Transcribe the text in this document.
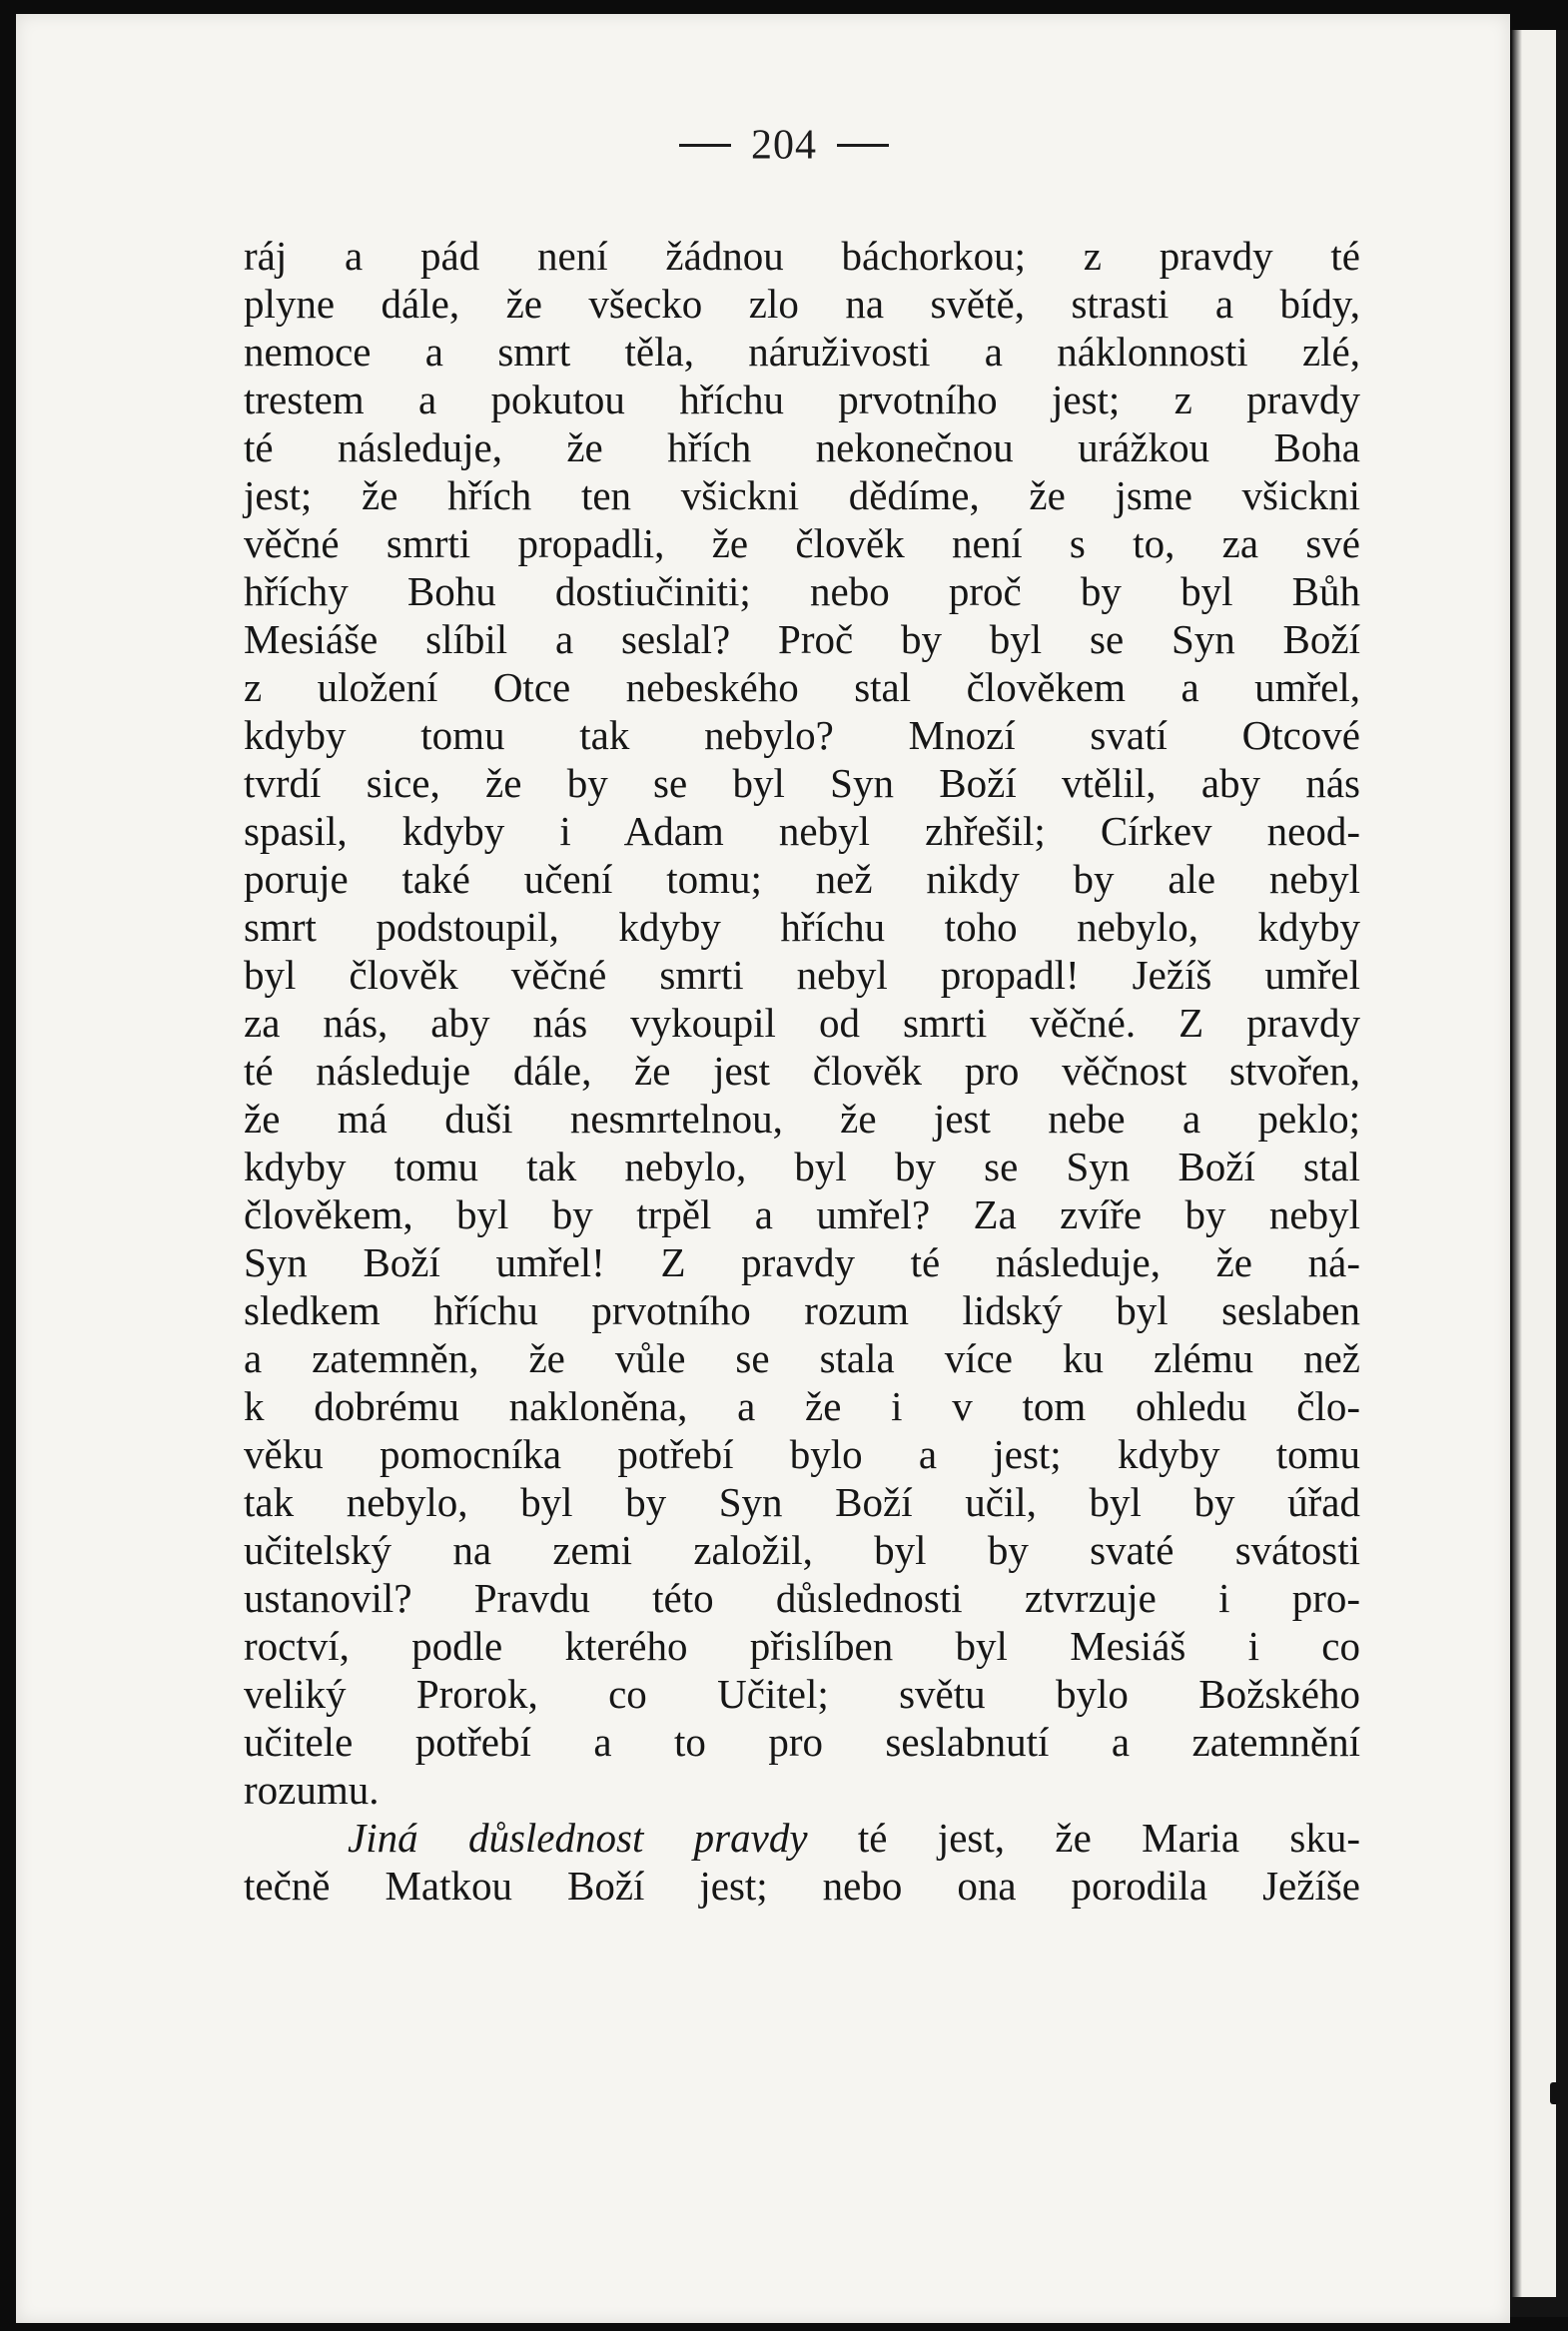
204
ráj a pád není žádnou báchorkou; z pravdy té
plyne dále, že všecko zlo na světě, strasti a bídy,
nemoce a smrt těla, náruživosti a náklonnosti zlé,
trestem a pokutou hříchu prvotního jest; z pravdy
té následuje, že hřích nekonečnou urážkou Boha
jest; že hřích ten všickni dědíme, že jsme všickni
věčné smrti propadli, že člověk není s to, za své
hříchy Bohu dostiučiniti; nebo proč by byl Bůh
Mesiáše slíbil a seslal? Proč by byl se Syn Boží
z uložení Otce nebeského stal člověkem a umřel,
kdyby tomu tak nebylo? Mnozí svatí Otcové
tvrdí sice, že by se byl Syn Boží vtělil, aby nás
spasil, kdyby i Adam nebyl zhřešil; Církev neod-
poruje také učení tomu; než nikdy by ale nebyl
smrt podstoupil, kdyby hříchu toho nebylo, kdyby
byl člověk věčné smrti nebyl propadl! Ježíš umřel
za nás, aby nás vykoupil od smrti věčné. Z pravdy
té následuje dále, že jest člověk pro věčnost stvořen,
že má duši nesmrtelnou, že jest nebe a peklo;
kdyby tomu tak nebylo, byl by se Syn Boží stal
člověkem, byl by trpěl a umřel? Za zvíře by nebyl
Syn Boží umřel! Z pravdy té následuje, že ná-
sledkem hříchu prvotního rozum lidský byl seslaben
a zatemněn, že vůle se stala více ku zlému než
k dobrému nakloněna, a že i v tom ohledu člo-
věku pomocníka potřebí bylo a jest; kdyby tomu
tak nebylo, byl by Syn Boží učil, byl by úřad
učitelský na zemi založil, byl by svaté svátosti
ustanovil? Pravdu této důslednosti ztvrzuje i pro-
roctví, podle kterého přislíben byl Mesiáš i co
veliký Prorok, co Učitel; světu bylo Božského
učitele potřebí a to pro seslabnutí a zatemnění
rozumu.
Jiná důslednost pravdy té jest, že Maria sku-
tečně Matkou Boží jest; nebo ona porodila Ježíše
